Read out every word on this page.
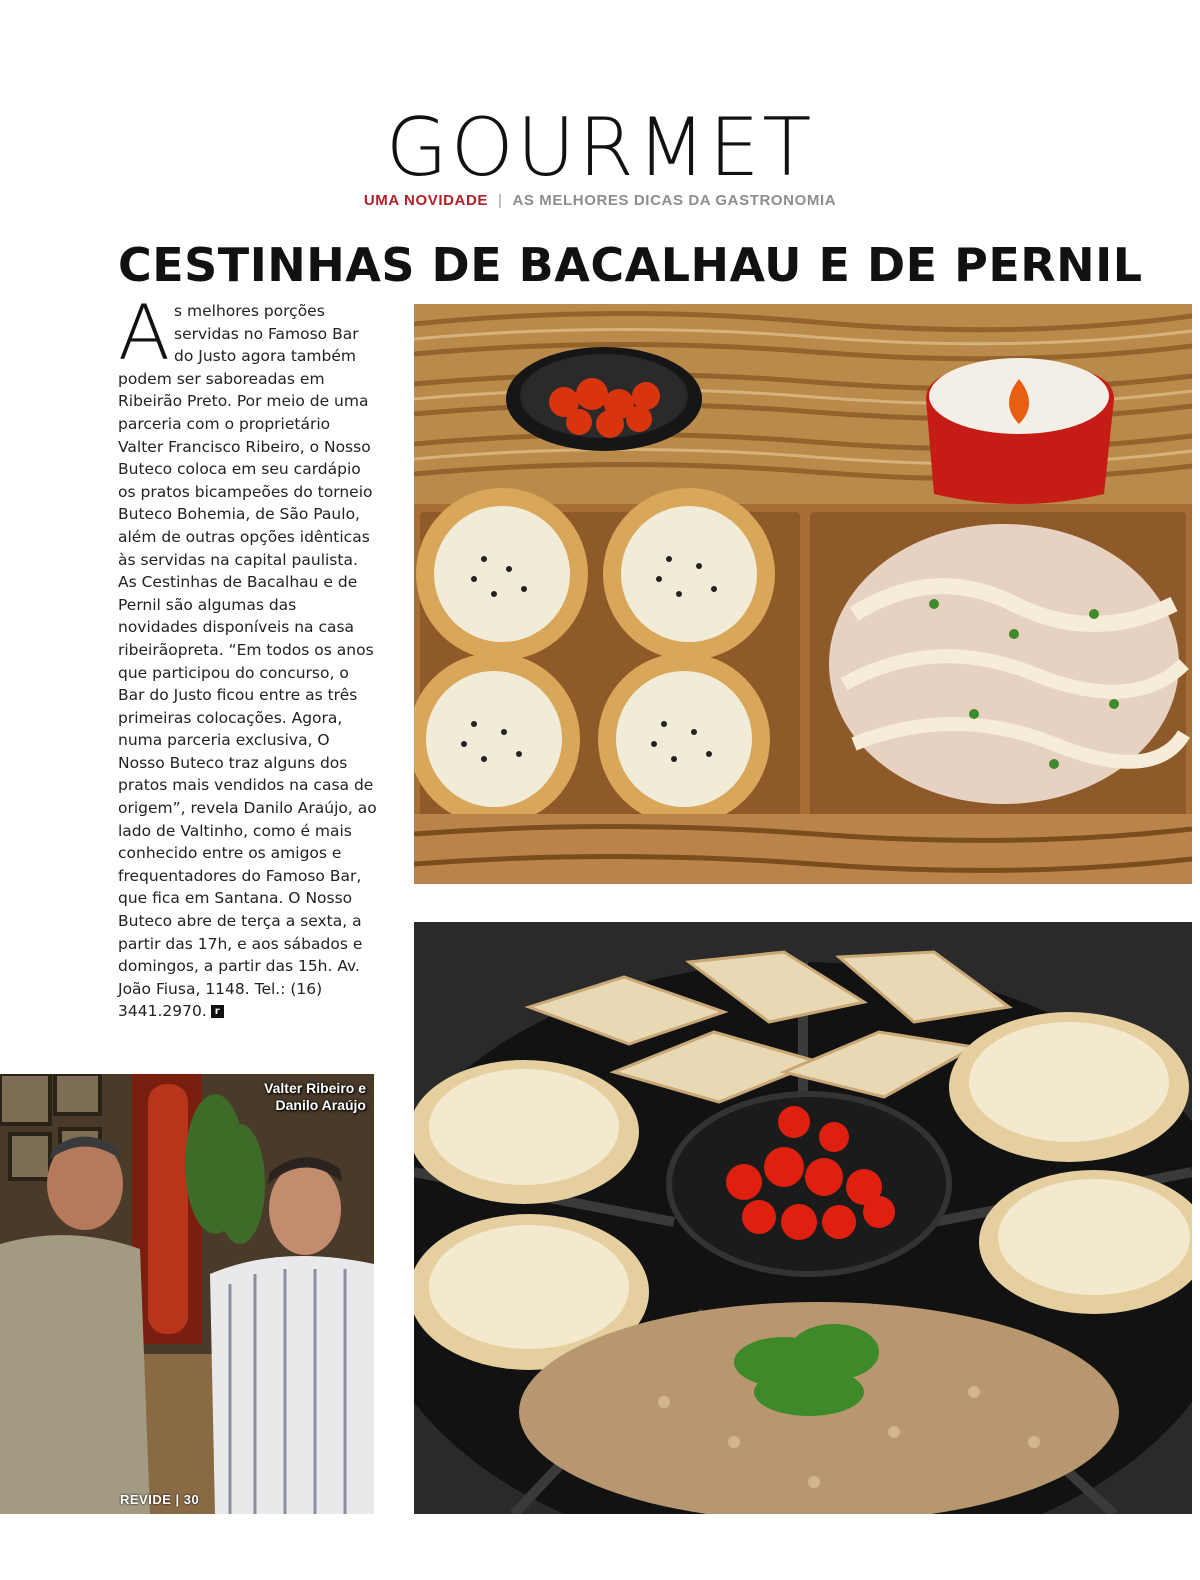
GOURMET
UMA NOVIDADE | AS MELHORES DICAS DA GASTRONOMIA
CESTINHAS DE BACALHAU E DE PERNIL
As melhores porções servidas no Famoso Bar do Justo agora também podem ser saboreadas em Ribeirão Preto. Por meio de uma parceria com o proprietário Valter Francisco Ribeiro, o Nosso Buteco coloca em seu cardápio os pratos bicampeões do torneio Buteco Bohemia, de São Paulo, além de outras opções idênticas às servidas na capital paulista. As Cestinhas de Bacalhau e de Pernil são algumas das novidades disponíveis na casa ribeirãopreta. “Em todos os anos que participou do concurso, o Bar do Justo ficou entre as três primeiras colocações. Agora, numa parceria exclusiva, O Nosso Buteco traz alguns dos pratos mais vendidos na casa de origem”, revela Danilo Araújo, ao lado de Valtinho, como é mais conhecido entre os amigos e frequentadores do Famoso Bar, que fica em Santana. O Nosso Buteco abre de terça a sexta, a partir das 17h, e aos sábados e domingos, a partir das 15h. Av. João Fiusa, 1148. Tel.: (16) 3441.2970. r
Valter Ribeiro e
Danilo Araújo
REVIDE | 30
